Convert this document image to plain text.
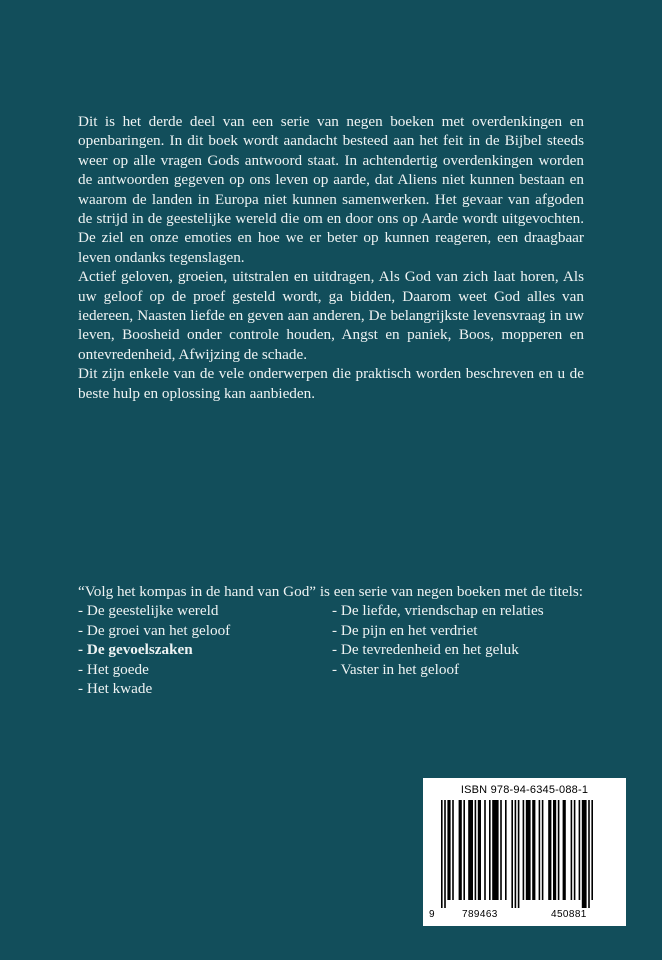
Dit is het derde deel van een serie van negen boeken met overdenkingen en openbaringen. In dit boek wordt aandacht besteed aan het feit in de Bijbel steeds weer op alle vragen Gods antwoord staat. In achtendertig overdenkingen worden de antwoorden gegeven op ons leven op aarde, dat Aliens niet kunnen bestaan en waarom de landen in Europa niet kunnen samenwerken. Het gevaar van afgoden de strijd in de geestelijke wereld die om en door ons op Aarde wordt uitgevochten. De ziel en onze emoties en hoe we er beter op kunnen reageren, een draagbaar leven ondanks tegenslagen.

Actief geloven, groeien, uitstralen en uitdragen, Als God van zich laat horen, Als uw geloof op de proef gesteld wordt, ga bidden, Daarom weet God alles van iedereen, Naasten liefde en geven aan anderen, De belangrijkste levensvraag in uw leven, Boosheid onder controle houden, Angst en paniek, Boos, mopperen en ontevredenheid, Afwijzing de schade.

Dit zijn enkele van de vele onderwerpen die praktisch worden beschreven en u de beste hulp en oplossing kan aanbieden.

“Volg het kompas in de hand van God” is een serie van negen boeken met de titels:

- De geestelijke wereld
- De groei van het geloof
- De gevoelszaken
- Het goede
- Het kwade
- De liefde, vriendschap en relaties
- De pijn en het verdriet
- De tevredenheid en het geluk
- Vaster in het geloof
ISBN 978-94-6345-088-1
9	789463	450881
